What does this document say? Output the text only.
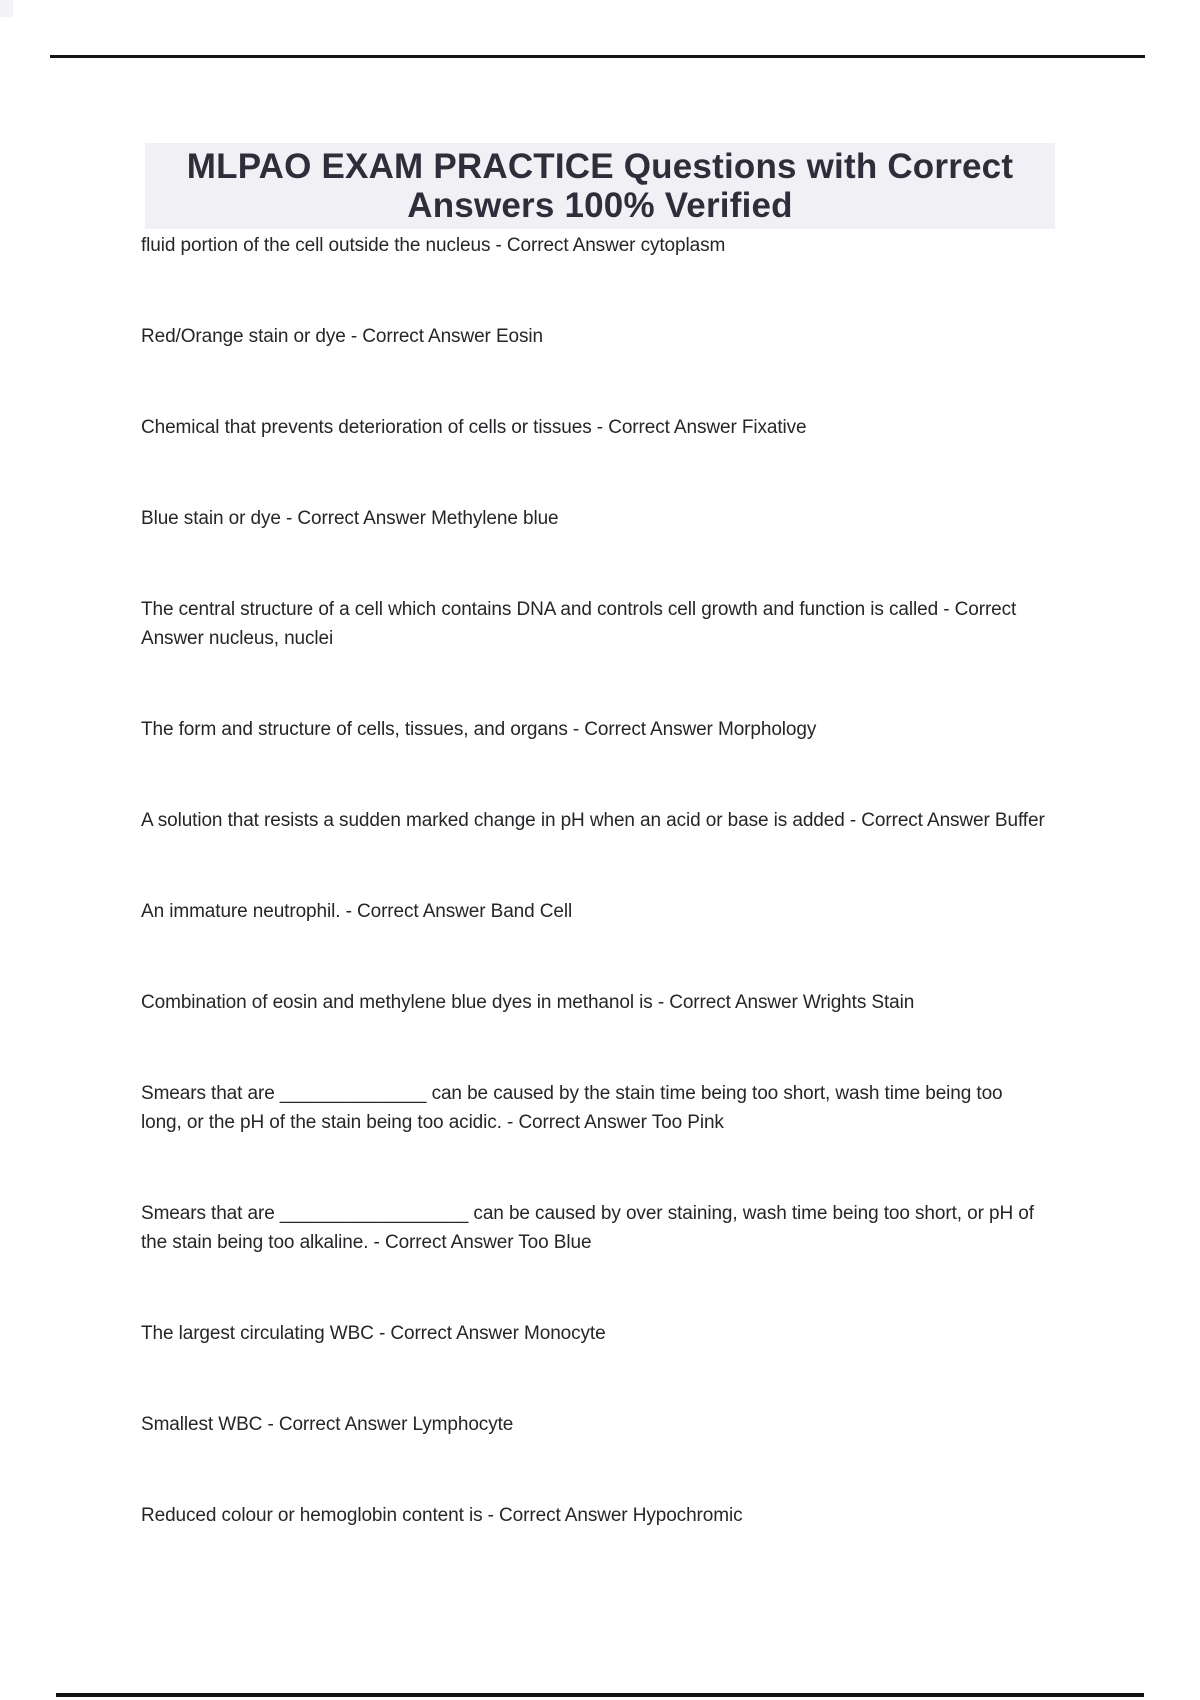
MLPAO EXAM PRACTICE Questions with Correct Answers 100% Verified

fluid portion of the cell outside the nucleus - Correct Answer cytoplasm

Red/Orange stain or dye - Correct Answer Eosin

Chemical that prevents deterioration of cells or tissues - Correct Answer Fixative

Blue stain or dye - Correct Answer Methylene blue

The central structure of a cell which contains DNA and controls cell growth and function is called - Correct Answer nucleus, nuclei

The form and structure of cells, tissues, and organs - Correct Answer Morphology

A solution that resists a sudden marked change in pH when an acid or base is added - Correct Answer Buffer

An immature neutrophil. - Correct Answer Band Cell

Combination of eosin and methylene blue dyes in methanol is - Correct Answer Wrights Stain

Smears that are ______________ can be caused by the stain time being too short, wash time being too long, or the pH of the stain being too acidic. - Correct Answer Too Pink

Smears that are __________________ can be caused by over staining, wash time being too short, or pH of the stain being too alkaline. - Correct Answer Too Blue

The largest circulating WBC - Correct Answer Monocyte

Smallest WBC - Correct Answer Lymphocyte

Reduced colour or hemoglobin content is - Correct Answer Hypochromic
